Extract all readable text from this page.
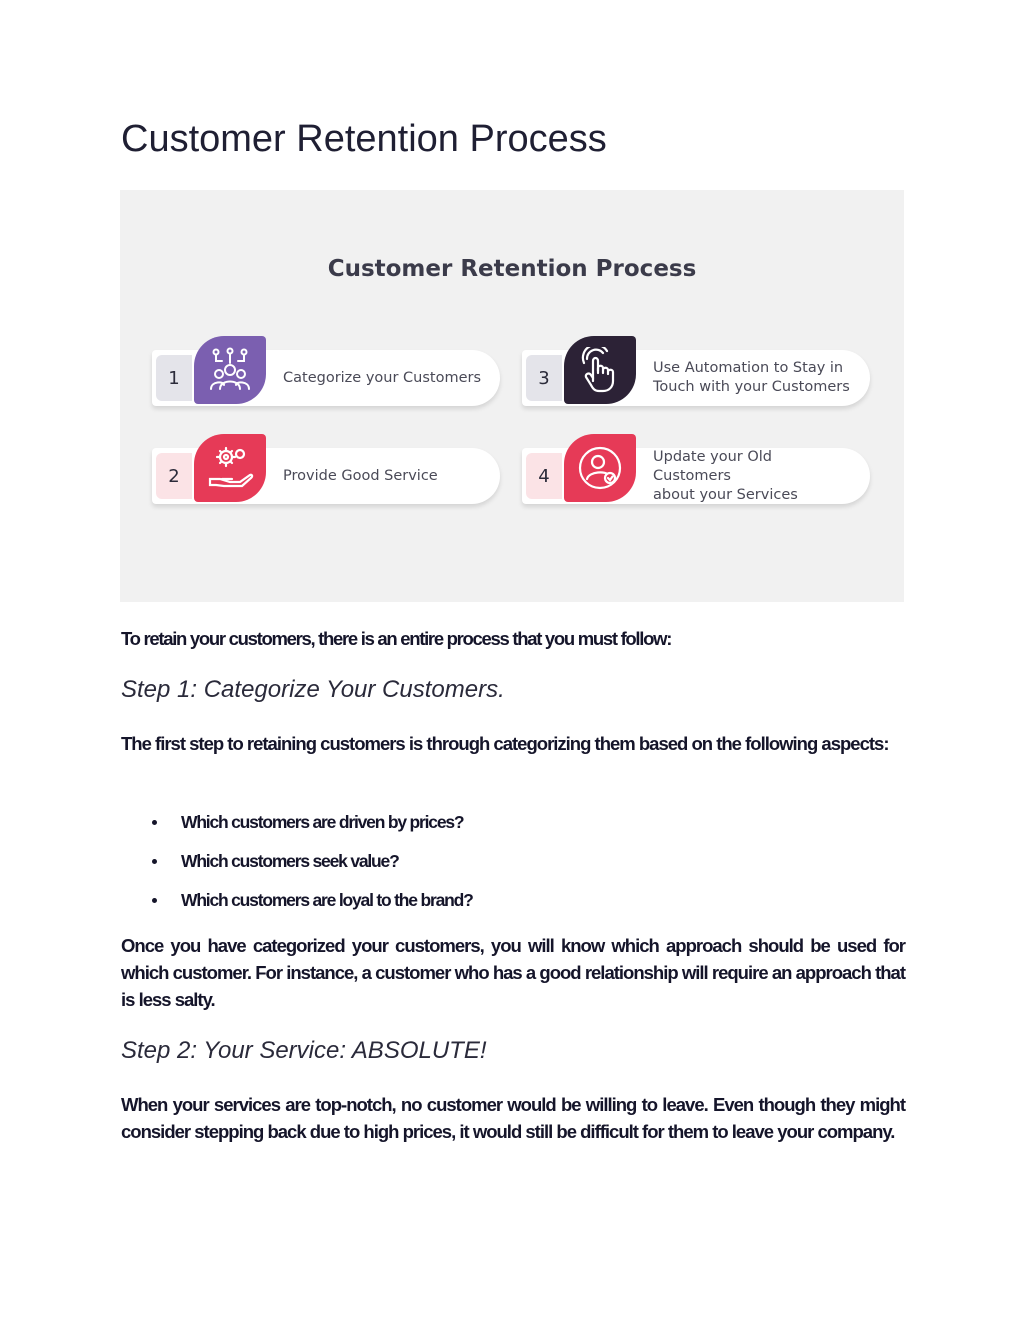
Customer Retention Process
Customer Retention Process
1	Categorize your Customers
2	Provide Good Service
3	Use Automation to Stay in
Touch with your Customers
4
Update your Old Customers
about your Services

To retain your customers, there is an entire process that you must follow:

Step 1: Categorize Your Customers.

The first step to retaining customers is through categorizing them based on the following aspects:

Which customers are driven by prices?
Which customers seek value?
Which customers are loyal to the brand?

Once you have categorized your customers, you will know which approach should be used for which customer. For instance, a customer who has a good relationship will require an approach that is less salty.

Step 2: Your Service: ABSOLUTE!

When your services are top-notch, no customer would be willing to leave. Even though they might consider stepping back due to high prices, it would still be difficult for them to leave your company.
